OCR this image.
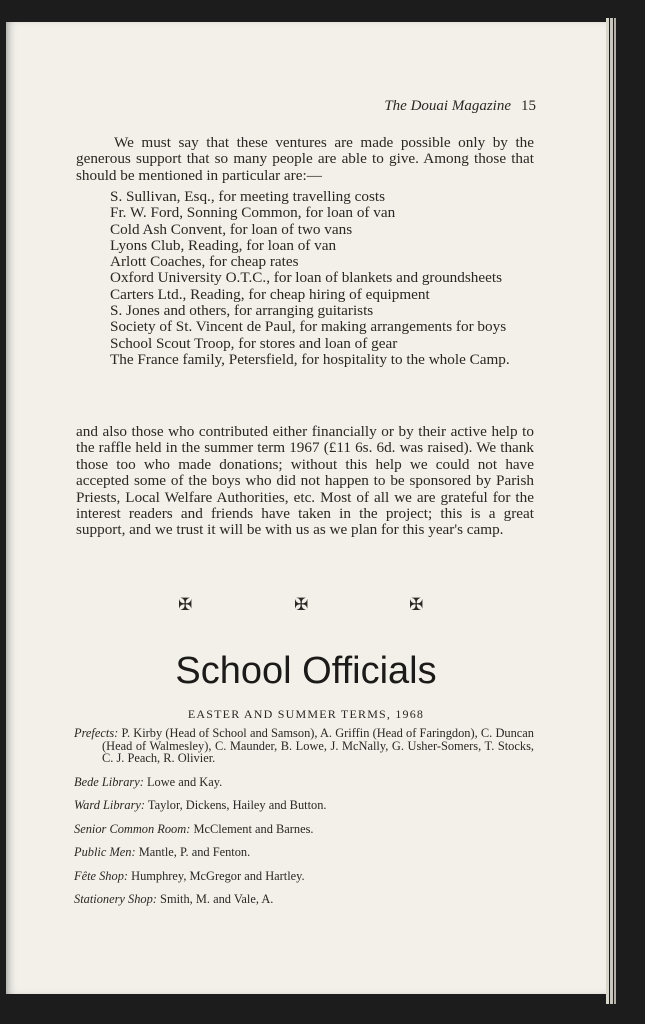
The Douai Magazine 15
We must say that these ventures are made possible only by the generous support that so many people are able to give. Among those that should be mentioned in particular are:—
S. Sullivan, Esq., for meeting travelling costs
Fr. W. Ford, Sonning Common, for loan of van
Cold Ash Convent, for loan of two vans
Lyons Club, Reading, for loan of van
Arlott Coaches, for cheap rates
Oxford University O.T.C., for loan of blankets and groundsheets
Carters Ltd., Reading, for cheap hiring of equipment
S. Jones and others, for arranging guitarists
Society of St. Vincent de Paul, for making arrangements for boys
School Scout Troop, for stores and loan of gear
The France family, Petersfield, for hospitality to the whole Camp.
and also those who contributed either financially or by their active help to the raffle held in the summer term 1967 (£11 6s. 6d. was raised). We thank those too who made donations; without this help we could not have accepted some of the boys who did not happen to be sponsored by Parish Priests, Local Welfare Authorities, etc. Most of all we are grateful for the interest readers and friends have taken in the project; this is a great support, and we trust it will be with us as we plan for this year's camp.
✠	✠	✠
School Officials
EASTER AND SUMMER TERMS, 1968
Prefects: P. Kirby (Head of School and Samson), A. Griffin (Head of Faringdon), C. Duncan (Head of Walmesley), C. Maunder, B. Lowe, J. McNally, G. Usher-Somers, T. Stocks, C. J. Peach, R. Olivier.
Bede Library: Lowe and Kay.
Ward Library: Taylor, Dickens, Hailey and Button.
Senior Common Room: McClement and Barnes.
Public Men: Mantle, P. and Fenton.
Fête Shop: Humphrey, McGregor and Hartley.
Stationery Shop: Smith, M. and Vale, A.
